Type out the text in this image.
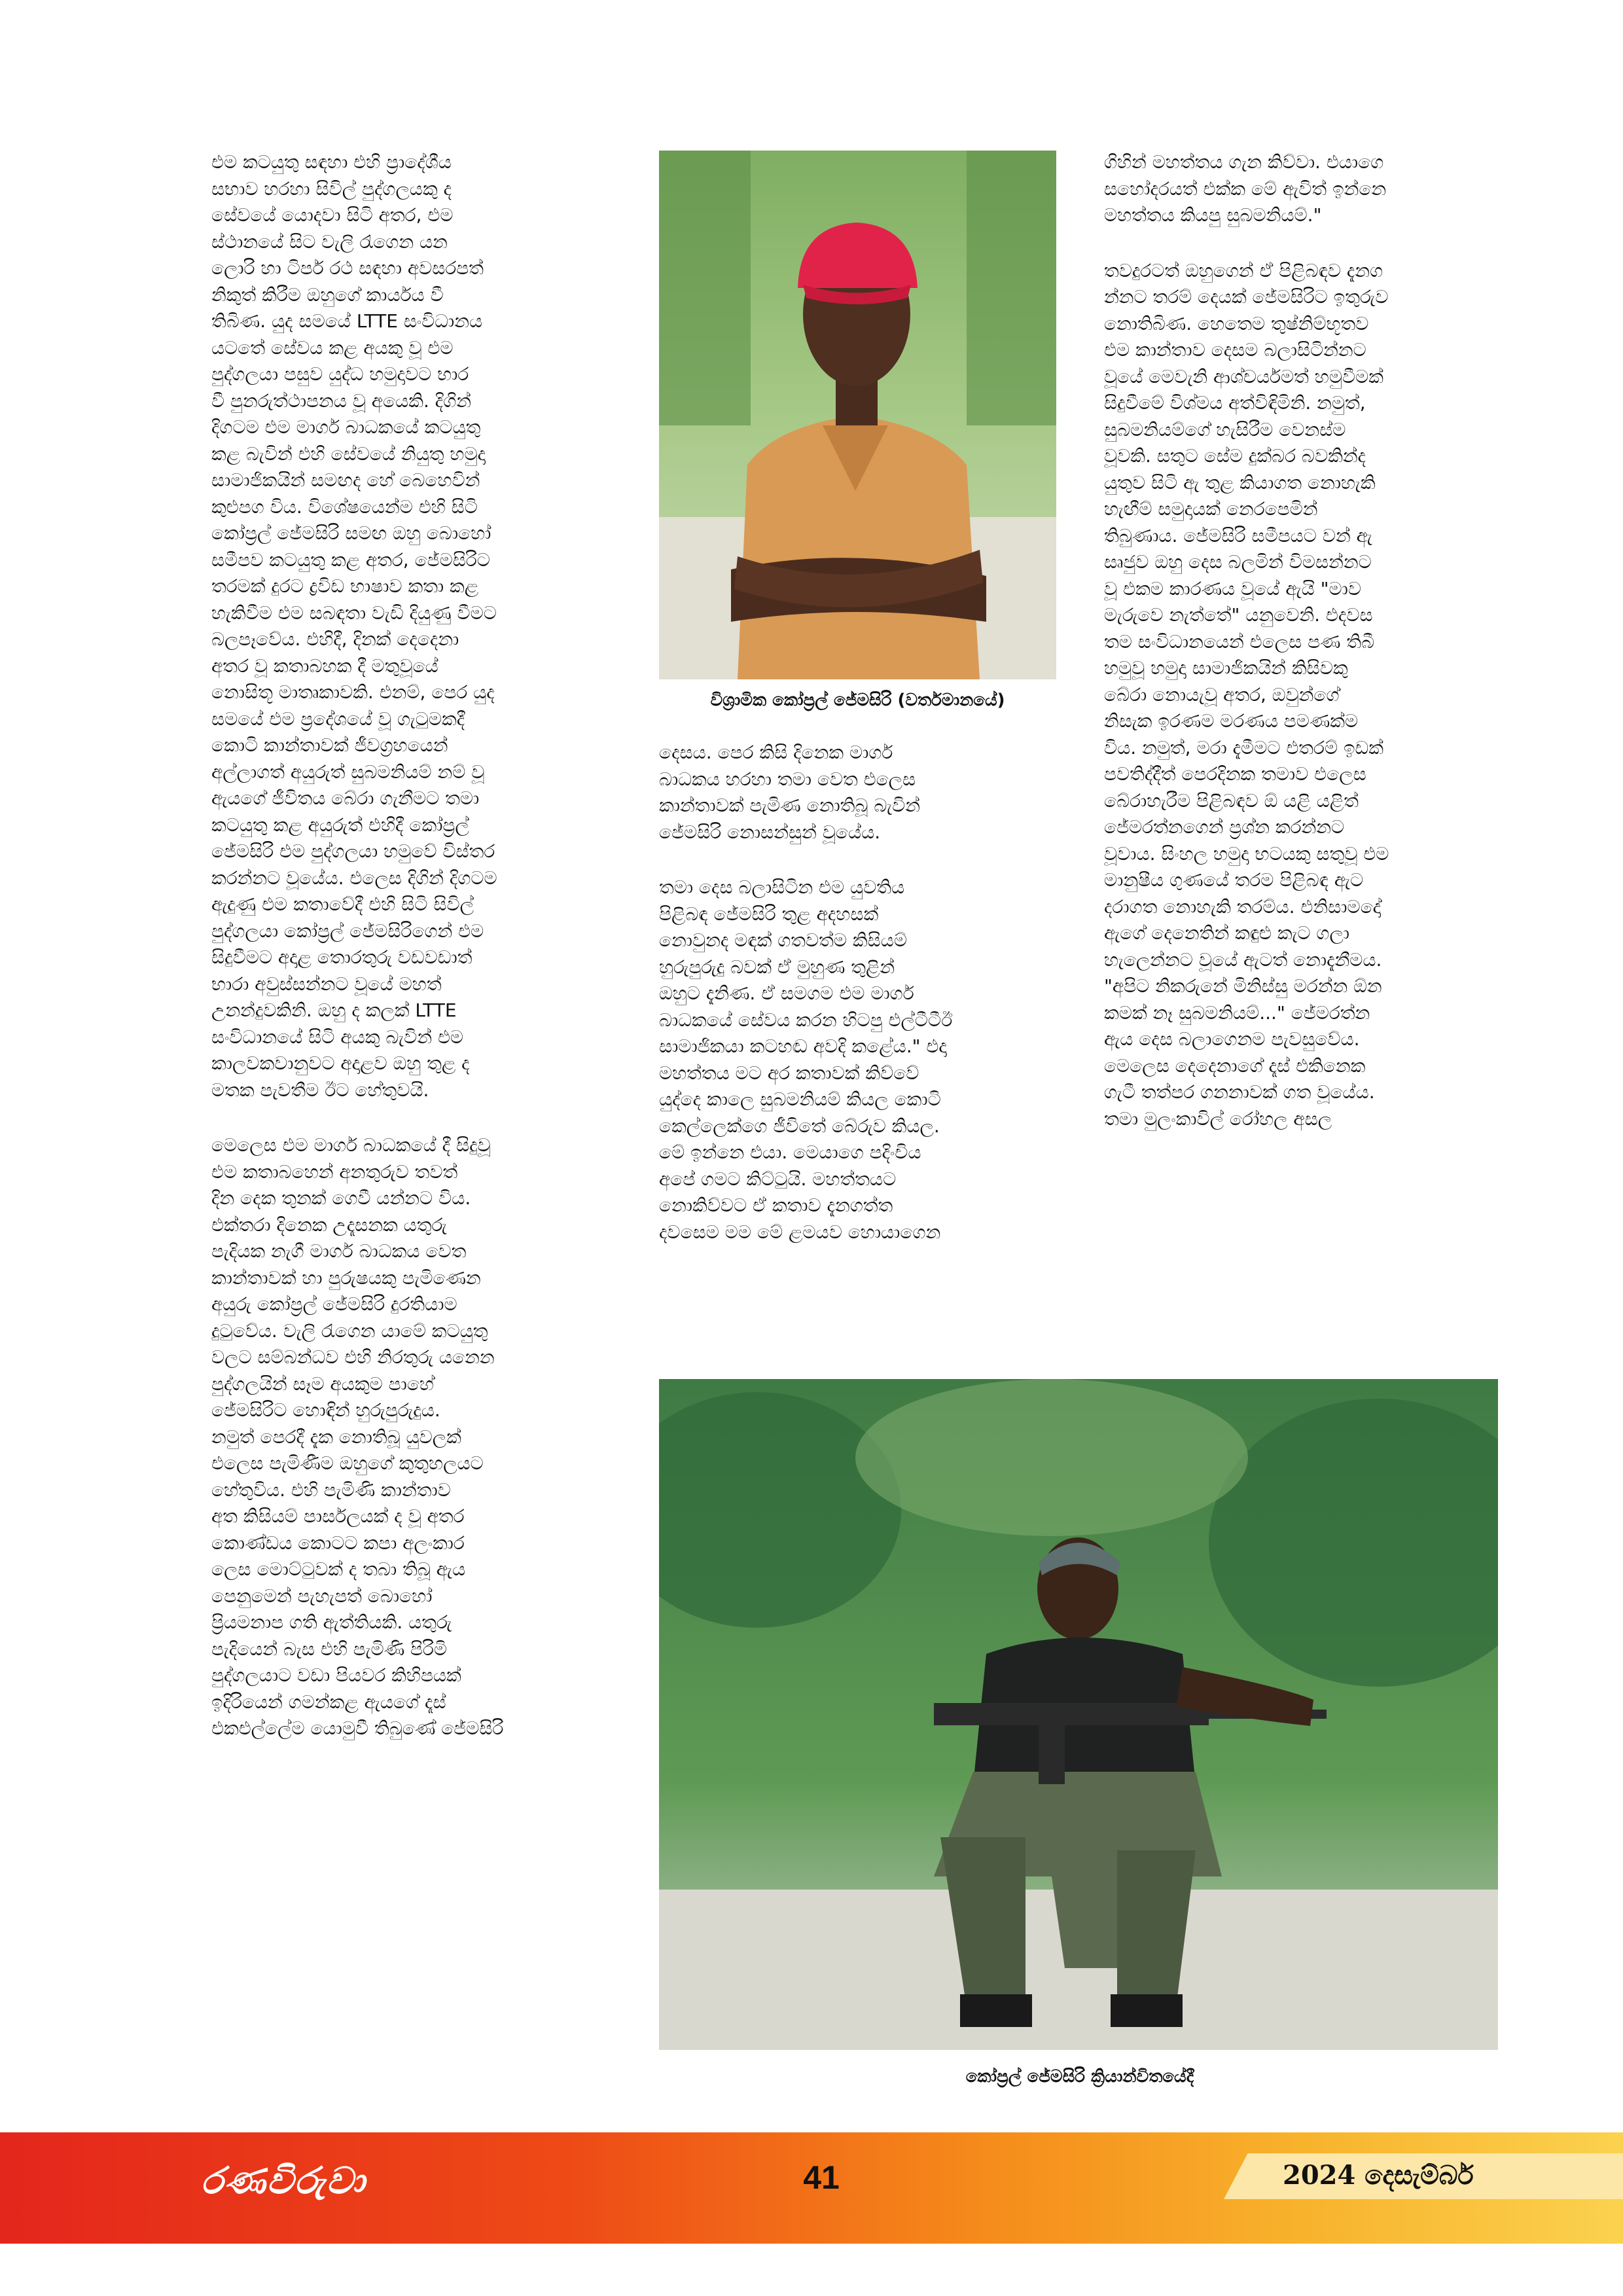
එම කටයුතු සඳහා එහි ප්‍රාදේශීය
සභාව හරහා සිවිල් පුද්ගලයකු ද
සේවයේ යොදවා සිටි අතර, එම
ස්ථානයේ සිට වැලි රැගෙන යන
ලොරි හා ටිපර් රථ සඳහා අවසරපත්
නිකුත් කිරීම ඔහුගේ කාර්යය වී
තිබිණ. යුද සමයේ LTTE සංවිධානය
යටතේ සේවය කළ අයකු වූ එම
පුද්ගලයා පසුව යුද්ධ හමුදාවට භාර
වී පුනරුත්ථාපනය වූ අයෙකි. දිගින්
දිගටම එම මාර්ග බාධකයේ කටයුතු
කළ බැවින් එහි සේවයේ නියුතු හමුදා
සාමාජිකයින් සමඟද හේ බෙහෙවින්
කුළුපග විය. විශේෂයෙන්ම එහි සිටි
කෝප්‍රල් ජේමසිරි සමඟ ඔහු බොහෝ
සමීපව කටයුතු කළ අතර, ජේමසිරිට
තරමක් දුරට ද්‍රවිඩ භාෂාව කතා කළ
හැකිවීම එම සබඳතා වැඩි දියුණු වීමට
බලපෑවේය. එහිදී, දිනක් දෙදෙනා
අතර වූ කතාබහක දී මතුවූයේ
නොසිතූ මාතෘකාවකි. එනම්, පෙර යුද
සමයේ එම ප්‍රදේශයේ වූ ගැටුමකදී
කොටි කාන්තාවක් ජීවග්‍රහයෙන්
අල්ලාගත් අයුරුත් සුබමනියම් නම් වූ
ඇයගේ ජීවිතය බේරා ගැනීමට තමා
කටයුතු කළ අයුරුත් එහිදී කෝප්‍රල්
ජේමසිරි එම පුද්ගලයා හමුවේ විස්තර
කරන්නට වූයේය. එලෙස දිගින් දිගටම
ඇදුණු එම කතාවේදී එහි සිටි සිවිල්
පුද්ගලයා කෝප්‍රල් ජේමසිරිගෙන් එම
සිදුවීමට අදාළ තොරතුරු වඩවඩාත්
භාරා අවුස්සන්නට වූයේ මහත්
උනන්දුවකිනි. ඔහු ද කලක් LTTE
සංවිධානයේ සිටි අයකු බැවින් එම
කාලවකවානුවට අදාළව ඔහු තුළ ද
මතක පැවතීම ඊට හේතුවයි.

මෙලෙස එම මාර්ග බාධකයේ දී සිදුවූ
එම කතාබහෙන් අනතුරුව තවත්
දින දෙක තුනක් ගෙවී යන්නට විය.
එක්තරා දිනෙක උදෑසනක යතුරු
පැදියක නැගී මාර්ග බාධකය වෙත
කාන්තාවක් හා පුරුෂයකු පැමිණෙන
අයුරු කෝප්‍රල් ජේමසිරි දුරතියාම
දුටුවේය. වැලි රැගෙන යාමේ කටයුතු
වලට සම්බන්ධව එහි නිරතුරු යනෙන
පුද්ගලයින් සෑම අයකුම පාහේ
ජේමසිරිට හොඳින් හුරුපුරුදුය.
නමුත් පෙරදී දැක නොතිබූ යුවලක්
එලෙස පැමිණීම ඔහුගේ කුතුහලයට
හේතුවිය. එහි පැමිණි කාන්තාව
අත කිසියම් පාර්සලයක් ද වූ අතර
කොණ්ඩය කොටට කපා අලංකාර
ලෙස මොට්ටුවක් ද තබා තිබූ ඇය
පෙනුමෙන් පැහැපත් බොහෝ
ප්‍රියමනාප ගති ඇත්තියකි. යතුරු
පැදියෙන් බැස එහි පැමිණි පිරිමි
පුද්ගලයාට වඩා පියවර කිහිපයක්
ඉදිරියෙන් ගමන්කළ ඇයගේ දෑස්
එකඑල්ලේම යොමුවී තිබුණේ ජේමසිරි

විශ්‍රාමික කෝප්‍රල් ජේමසිරි (වර්තමානයේ)

දෙසය. පෙර කිසි දිනෙක මාර්ග
බාධකය හරහා තමා වෙත එලෙස
කාන්තාවක් පැමිණ නොතිබූ බැවින්
ජේමසිරි නොසන්සුන් වූයේය.

තමා දෙස බලාසිටින එම යුවතිය
පිළිබඳ ජේමසිරි තුළ අදහසක්
නොවුනද මඳක් ගතවත්ම කිසියම්
හුරුපුරුදු බවක් ඒ මුහුණ තුළින්
ඔහුට දැනිණ. ඒ සමගම එම මාර්ග
බාධකයේ සේවය කරන හිටපු එල්ටීටීඊ
සාමාජිකයා කටහඬ අවදි කළේය." එදා
මහත්තය මට අර කතාවක් කිව්වේ
යුද්දෙ කාලෙ සුබමනියම් කියල කොටි
කෙල්ලෙක්ගෙ ජීවිතේ බේරුව කියල.
මේ ඉන්නෙ එයා. මෙයාගෙ පදිංචිය
අපේ ගමට කිට්ටුයි. මහත්තයට
නොකිව්වට ඒ කතාව දැනගත්ත
දවසෙම මම මේ ළමයව හොයාගෙන

ගිහින් මහත්තය ගැන කිව්වා. එයාගෙ
සහෝදරයත් එක්ක මේ ඇවිත් ඉන්නෙ
මහත්තය කියපු සුබමනියම්."

තවදුරටත් ඔහුගෙන් ඒ පිළිබඳව දැනග
න්නට තරම් දෙයක් ජේමසිරිට ඉතුරුව
නොතිබිණ. හෙතෙම තුෂ්නිම්භූතව
එම කාන්තාව දෙසම බලාසිටින්නට
වූයේ මෙවැනි ආශ්චර්යමත් හමුවීමක්
සිදුවීමේ විශ්මය අත්විඳිමිනි. නමුත්,
සුබමනියම්ගේ හැසිරීම වෙනස්ම
වූවකි. සතුට සේම දුක්බර බවකින්ද
යුතුව සිටි ඇ තුළ කියාගත නොහැකි
හැඟීම් සමුදායක් නෙරපෙමින්
තිබුණාය. ජේමසිරි සමීපයට වන් ඇ
සෘජුව ඔහු දෙස බලමින් විමසන්නට
වූ එකම කාරණය වූයේ ඇයි "මාව
මැරුවෙ නැත්තේ" යනුවෙනි. එදවස
තම සංවිධානයෙන් එලෙස පණ තිබී
හමුවූ හමුදා සාමාජිකයින් කිසිවකු
බේරා නොයැවූ අතර, ඔවුන්ගේ
නිසැක ඉරණම මරණය පමණක්ම
විය. නමුත්, මරා දැමීමට එතරම් ඉඩක්
පවතිද්දීත් පෙරදිනක තමාව එලෙස
බේරාහැරීම පිළිබඳව ඕ යළි යළිත්
ජේමරත්නගෙන් ප්‍රශ්න කරන්නට
වූවාය. සිංහල හමුදා භටයකු සතුවූ එම
මානුෂීය ගුණයේ තරම පිළිබඳ ඇට
දරාගත නොහැකි තරම්ය. එනිසාමදෝ
ඇගේ දෙනෙතින් කඳුළු කැට ගලා
හැලෙන්නට වූයේ ඇටත් නොදැනීමය.
"අපිට නිකරුනේ මිනිස්සු මරන්න ඕන
කමක් නෑ සුබමනියම්..." ජේමරත්න
ඇය දෙස බලාගෙනම පැවසුවේය.
මෙලෙස දෙදෙනාගේ දෑස් එකිනෙක
ගැටී තත්පර ගනනාවක් ගත වූයේය.
තමා මුලංකාවිල් රෝහල අසල

කෝප්‍රල් ජේමසිරි ක්‍රියාන්විතයේදී
රණවිරුවා	41	2024 දෙසැම්බර්
